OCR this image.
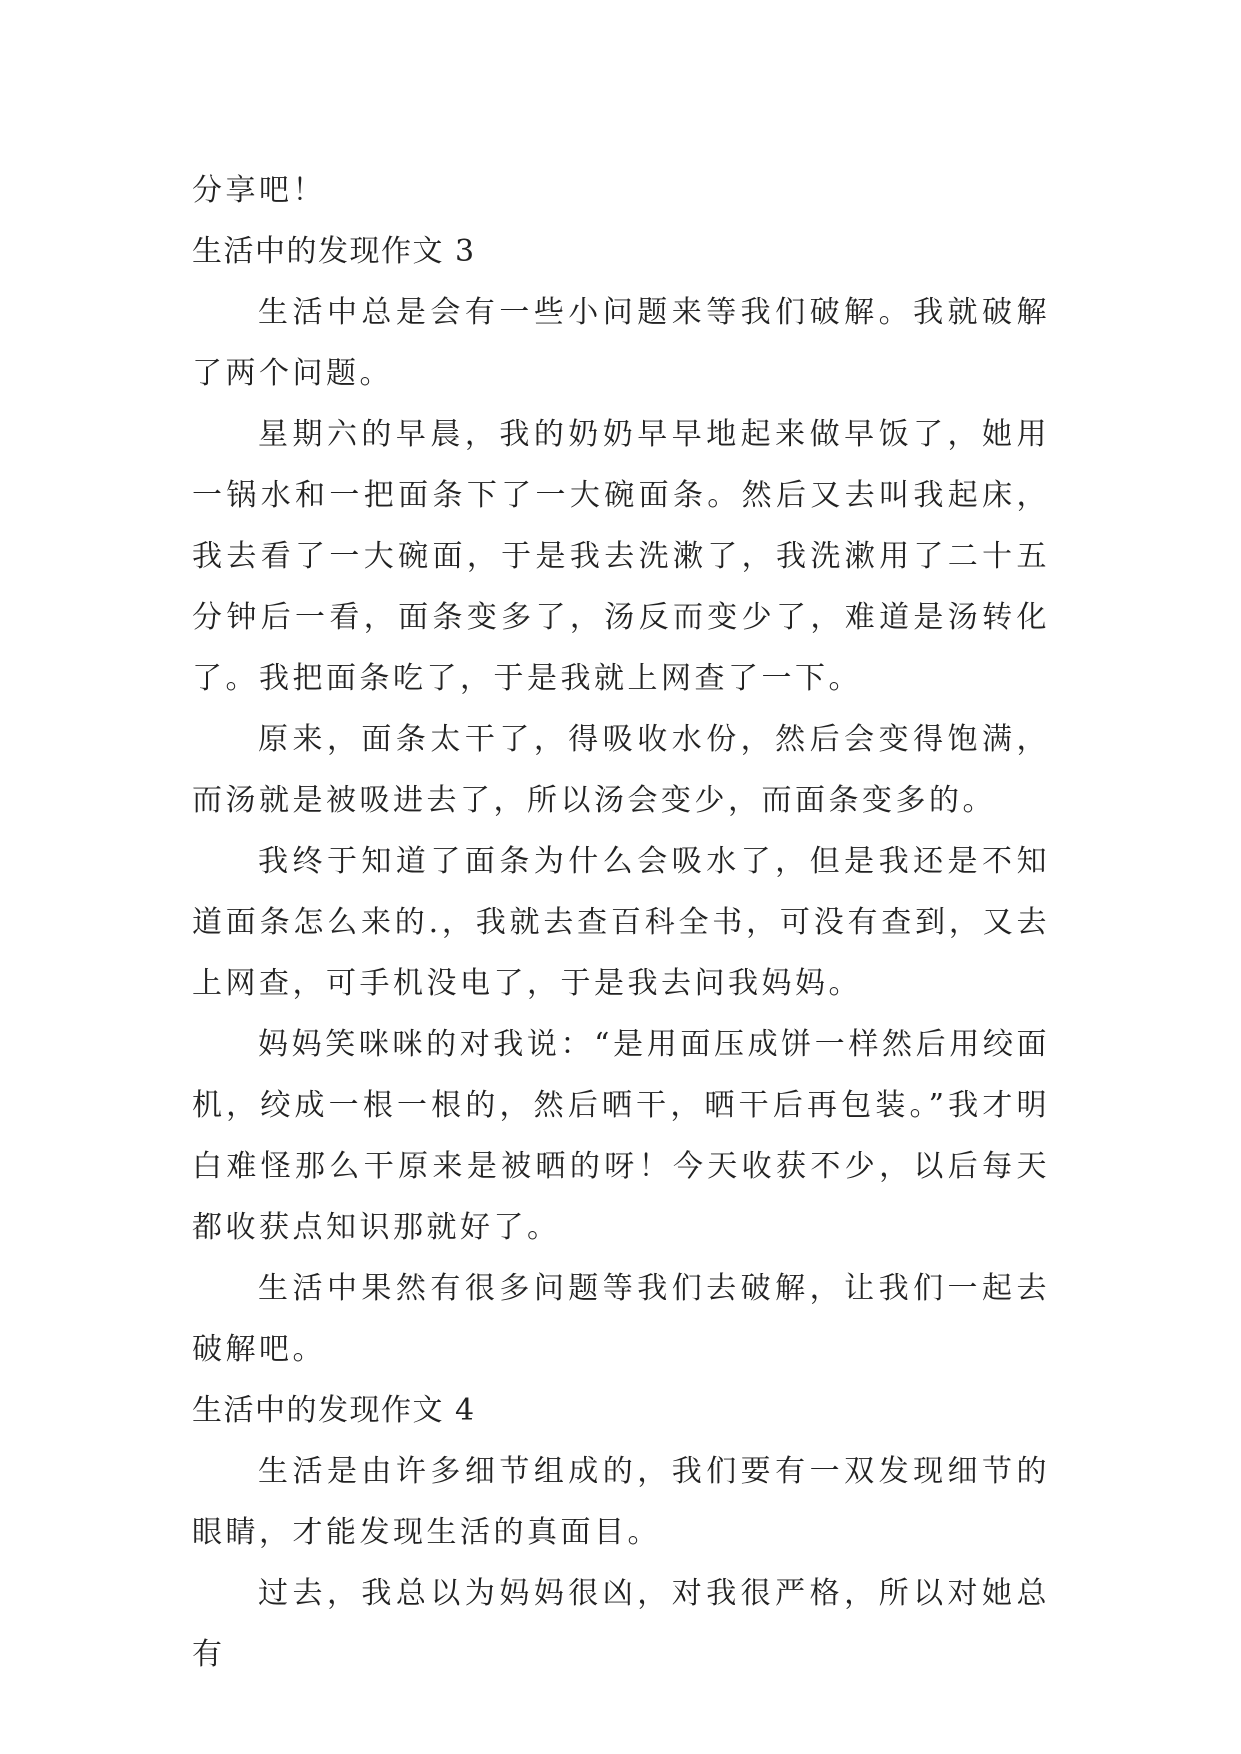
分享吧！

生活中的发现作文 3

生活中总是会有一些小问题来等我们破解。我就破解了两个问题。

星期六的早晨，我的奶奶早早地起来做早饭了，她用一锅水和一把面条下了一大碗面条。然后又去叫我起床，我去看了一大碗面，于是我去洗漱了，我洗漱用了二十五分钟后一看，面条变多了，汤反而变少了，难道是汤转化了。我把面条吃了，于是我就上网查了一下。

原来，面条太干了，得吸收水份，然后会变得饱满，而汤就是被吸进去了，所以汤会变少，而面条变多的。

我终于知道了面条为什么会吸水了，但是我还是不知道面条怎么来的.，我就去查百科全书，可没有查到，又去上网查，可手机没电了，于是我去问我妈妈。

妈妈笑咪咪的对我说：“是用面压成饼一样然后用绞面机，绞成一根一根的，然后晒干，晒干后再包装。”我才明白难怪那么干原来是被晒的呀！今天收获不少，以后每天都收获点知识那就好了。

生活中果然有很多问题等我们去破解，让我们一起去破解吧。

生活中的发现作文 4

生活是由许多细节组成的，我们要有一双发现细节的眼睛，才能发现生活的真面目。

过去，我总以为妈妈很凶，对我很严格，所以对她总有
